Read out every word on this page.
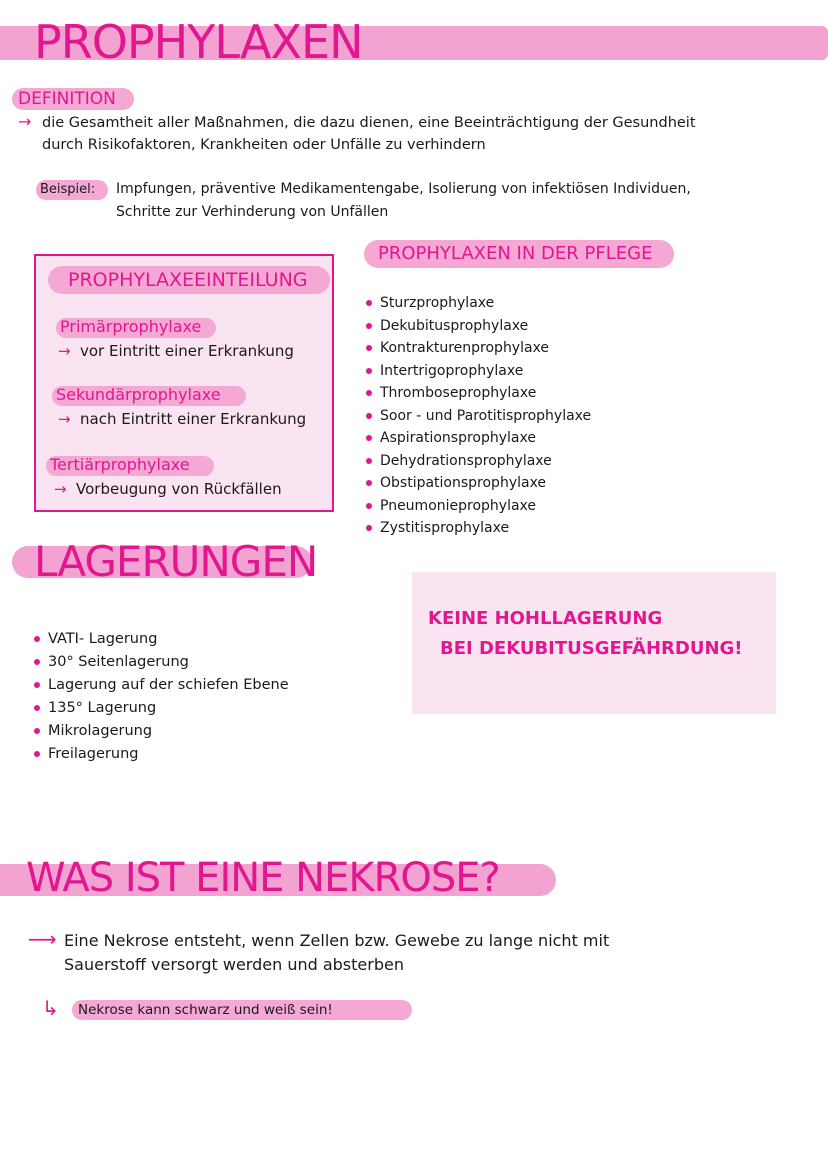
PROPHYLAXEN
DEFINITION
→ die Gesamtheit aller Maßnahmen, die dazu dienen, eine Beeinträchtigung der Gesundheit
durch Risikofaktoren, Krankheiten oder Unfälle zu verhindern
Beispiel: Impfungen, präventive Medikamentengabe, Isolierung von infektiösen Individuen,
Schritte zur Verhinderung von Unfällen
PROPHYLAXEEINTEILUNG
Primärprophylaxe
→ vor Eintritt einer Erkrankung
Sekundärprophylaxe
→ nach Eintritt einer Erkrankung
Tertiärprophylaxe
→ Vorbeugung von Rückfällen
PROPHYLAXEN IN DER PFLEGE
Sturzprophylaxe
Dekubitusprophylaxe
Kontrakturenprophylaxe
Intertrigoprophylaxe
Thromboseprophylaxe
Soor - und Parotitisprophylaxe
Aspirationsprophylaxe
Dehydrationsprophylaxe
Obstipationsprophylaxe
Pneumonieprophylaxe
Zystitisprophylaxe
LAGERUNGEN
VATI- Lagerung
30° Seitenlagerung
Lagerung auf der schiefen Ebene
135° Lagerung
Mikrolagerung
Freilagerung
KEINE HOHLLAGERUNG
BEI DEKUBITUSGEFÄHRDUNG!
WAS IST EINE NEKROSE?
⟶ Eine Nekrose entsteht, wenn Zellen bzw. Gewebe zu lange nicht mit
Sauerstoff versorgt werden und absterben
↳ Nekrose kann schwarz und weiß sein!
